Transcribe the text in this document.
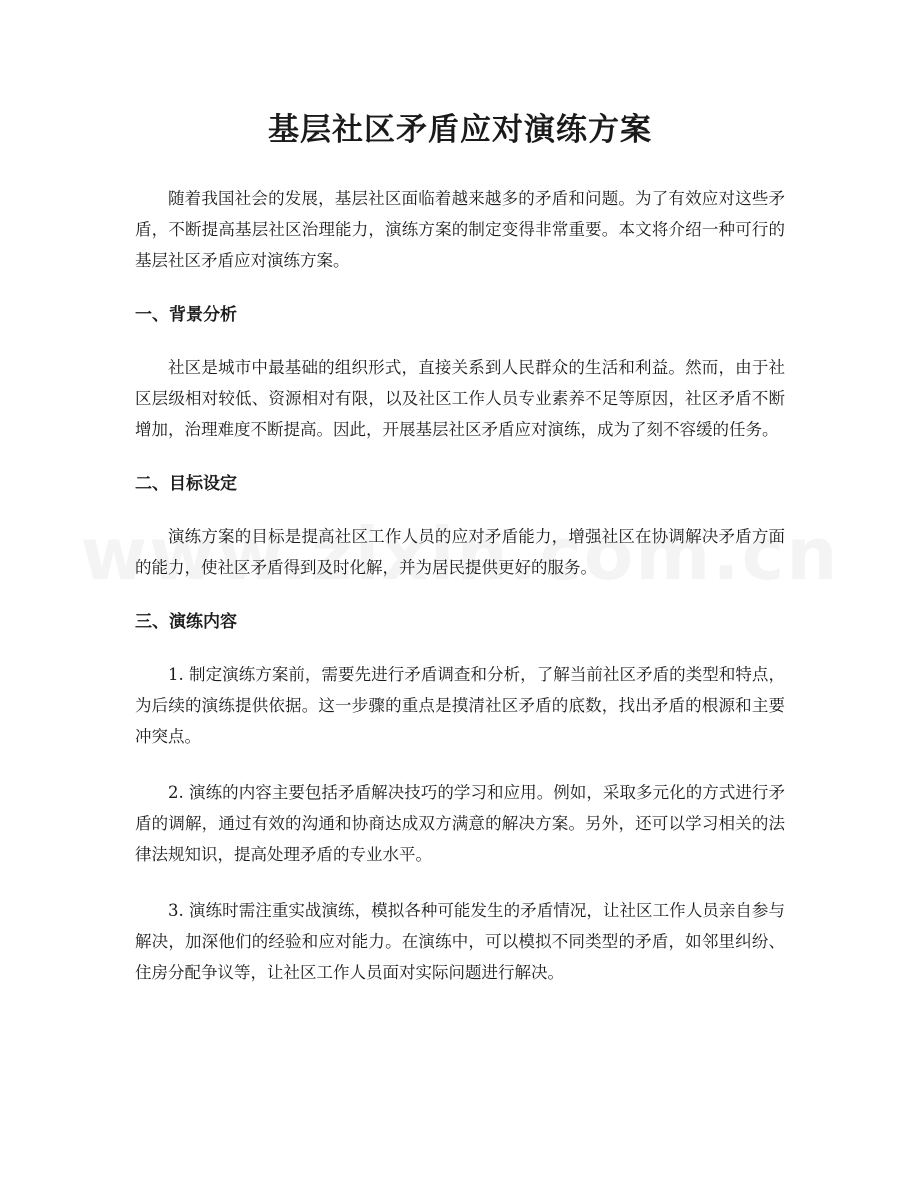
基层社区矛盾应对演练方案

随着我国社会的发展，基层社区面临着越来越多的矛盾和问题。为了有效应对这些矛盾，不断提高基层社区治理能力，演练方案的制定变得非常重要。本文将介绍一种可行的基层社区矛盾应对演练方案。

一、背景分析

社区是城市中最基础的组织形式，直接关系到人民群众的生活和利益。然而，由于社区层级相对较低、资源相对有限，以及社区工作人员专业素养不足等原因，社区矛盾不断增加，治理难度不断提高。因此，开展基层社区矛盾应对演练，成为了刻不容缓的任务。

二、目标设定

演练方案的目标是提高社区工作人员的应对矛盾能力，增强社区在协调解决矛盾方面的能力，使社区矛盾得到及时化解，并为居民提供更好的服务。

三、演练内容

1. 制定演练方案前，需要先进行矛盾调查和分析，了解当前社区矛盾的类型和特点，为后续的演练提供依据。这一步骤的重点是摸清社区矛盾的底数，找出矛盾的根源和主要冲突点。

2. 演练的内容主要包括矛盾解决技巧的学习和应用。例如，采取多元化的方式进行矛盾的调解，通过有效的沟通和协商达成双方满意的解决方案。另外，还可以学习相关的法律法规知识，提高处理矛盾的专业水平。

3. 演练时需注重实战演练，模拟各种可能发生的矛盾情况，让社区工作人员亲自参与解决，加深他们的经验和应对能力。在演练中，可以模拟不同类型的矛盾，如邻里纠纷、住房分配争议等，让社区工作人员面对实际问题进行解决。
